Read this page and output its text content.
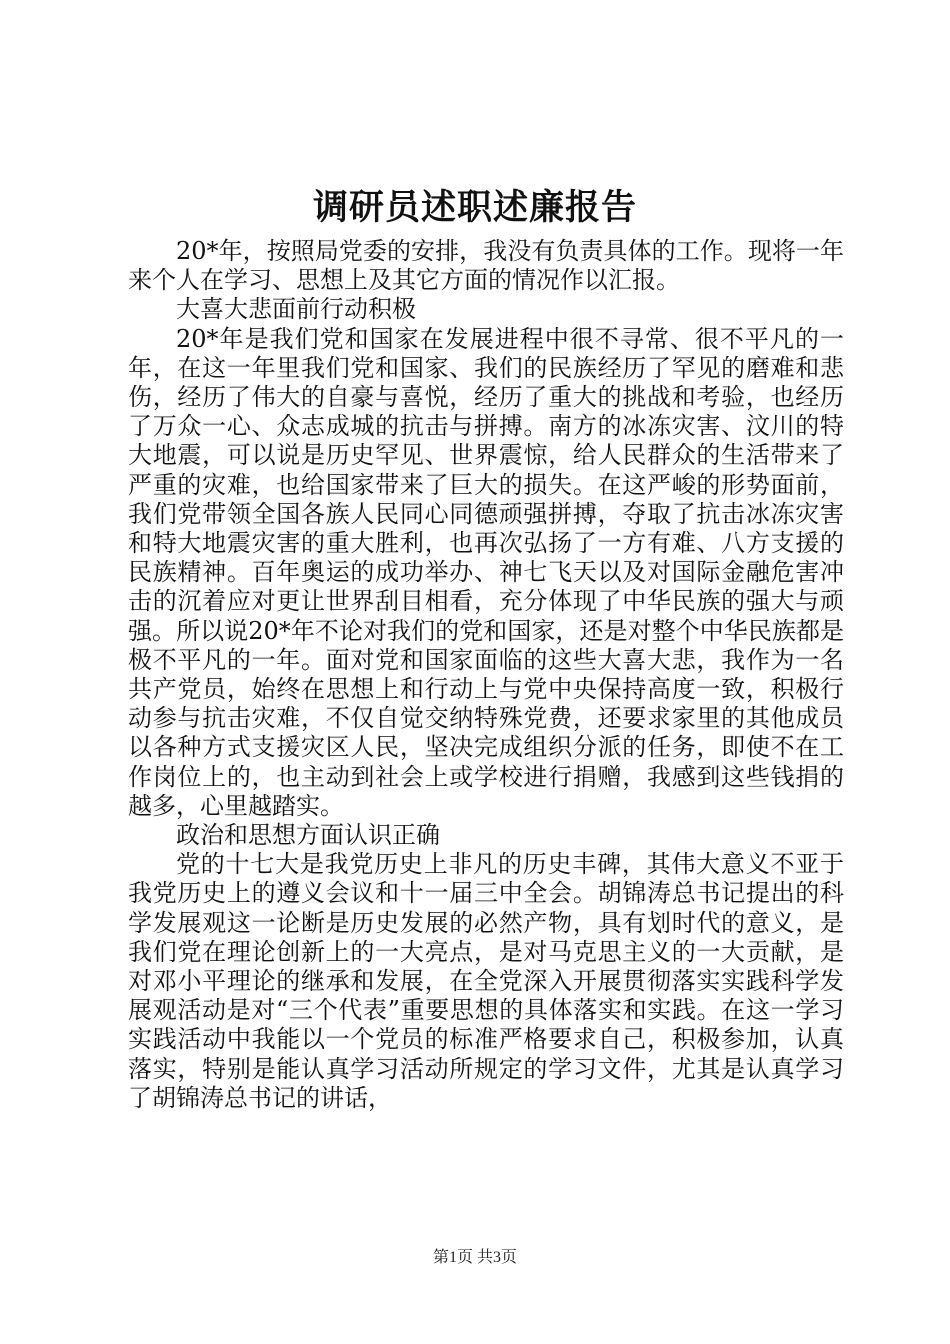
调研员述职述廉报告

20*年，按照局党委的安排，我没有负责具体的工作。现将一年来个人在学习、思想上及其它方面的情况作以汇报。

大喜大悲面前行动积极

20*年是我们党和国家在发展进程中很不寻常、很不平凡的一年，在这一年里我们党和国家、我们的民族经历了罕见的磨难和悲伤，经历了伟大的自豪与喜悦，经历了重大的挑战和考验，也经历了万众一心、众志成城的抗击与拼搏。南方的冰冻灾害、汶川的特大地震，可以说是历史罕见、世界震惊，给人民群众的生活带来了严重的灾难，也给国家带来了巨大的损失。在这严峻的形势面前，我们党带领全国各族人民同心同德顽强拼搏，夺取了抗击冰冻灾害和特大地震灾害的重大胜利，也再次弘扬了一方有难、八方支援的民族精神。百年奥运的成功举办、神七飞天以及对国际金融危害冲击的沉着应对更让世界刮目相看，充分体现了中华民族的强大与顽强。所以说20*年不论对我们的党和国家，还是对整个中华民族都是极不平凡的一年。面对党和国家面临的这些大喜大悲，我作为一名共产党员，始终在思想上和行动上与党中央保持高度一致，积极行动参与抗击灾难，不仅自觉交纳特殊党费，还要求家里的其他成员以各种方式支援灾区人民，坚决完成组织分派的任务，即使不在工作岗位上的，也主动到社会上或学校进行捐赠，我感到这些钱捐的越多，心里越踏实。

政治和思想方面认识正确

党的十七大是我党历史上非凡的历史丰碑，其伟大意义不亚于我党历史上的遵义会议和十一届三中全会。胡锦涛总书记提出的科学发展观这一论断是历史发展的必然产物，具有划时代的意义，是我们党在理论创新上的一大亮点，是对马克思主义的一大贡献，是对邓小平理论的继承和发展，在全党深入开展贯彻落实实践科学发展观活动是对“三个代表”重要思想的具体落实和实践。在这一学习实践活动中我能以一个党员的标准严格要求自己，积极参加，认真落实，特别是能认真学习活动所规定的学习文件，尤其是认真学习了胡锦涛总书记的讲话，

第1页 共3页
